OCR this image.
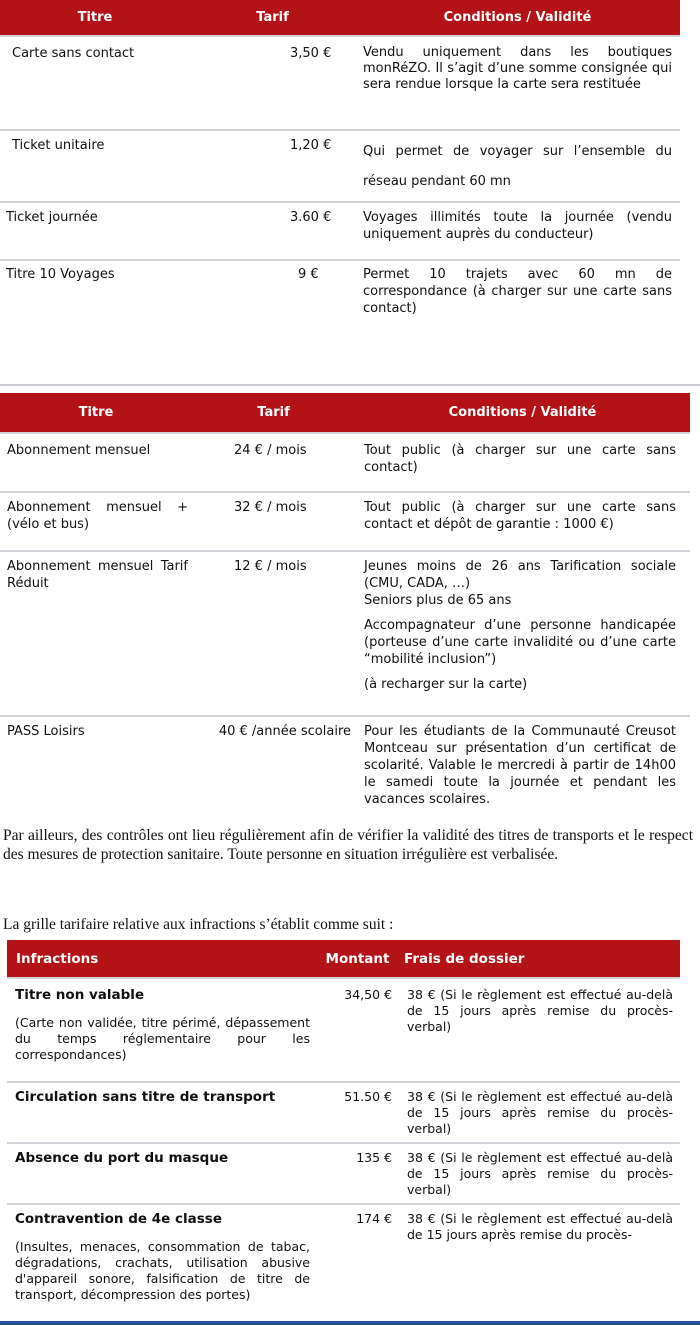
Titre	Tarif	Conditions / Validité
Carte sans contact	3,50 €	Vendu uniquement dans les boutiques monRéZO. Il s’agit d’une somme consignée qui sera rendue lorsque la carte sera restituée
Ticket unitaire	1,20 €	Qui permet de voyager sur l’ensemble du réseau pendant 60 mn
Ticket journée	3.60 €	Voyages illimités toute la journée (vendu uniquement auprès du conducteur)
Titre 10 Voyages	9 €	Permet 10 trajets avec 60 mn de correspondance (à charger sur une carte sans contact)
Titre	Tarif	Conditions / Validité
Abonnement mensuel	24 € / mois	Tout public (à charger sur une carte sans contact)
Abonnement mensuel + (vélo et bus)	32 € / mois	Tout public (à charger sur une carte sans contact et dépôt de garantie : 1000 €)
Abonnement mensuel Tarif Réduit	12 € / mois	Jeunes moins de 26 ans Tarification sociale (CMU, CADA, …)
Seniors plus de 65 ans
Accompagnateur d’une personne handicapée (porteuse d’une carte invalidité ou d’une carte “mobilité inclusion”)
(à recharger sur la carte)

PASS Loisirs	40 € /année scolaire	Pour les étudiants de la Communauté Creusot Montceau sur présentation d’un certificat de scolarité. Valable le mercredi à partir de 14h00 le samedi toute la journée et pendant les vacances scolaires.

Par ailleurs, des contrôles ont lieu régulièrement afin de vérifier la validité des titres de transports et le respect des mesures de protection sanitaire. Toute personne en situation irrégulière est verbalisée.

La grille tarifaire relative aux infractions s’établit comme suit :

Infractions	Montant	Frais de dossier

Titre non valable
(Carte non validée, titre périmé, dépassement du temps réglementaire pour les correspondances)	34,50 €	38 € (Si le règlement est effectué au-delà de 15 jours après remise du procès-verbal)

Circulation sans titre de transport	51.50 €	38 € (Si le règlement est effectué au-delà de 15 jours après remise du procès-verbal)

Absence du port du masque	135 €	38 € (Si le règlement est effectué au-delà de 15 jours après remise du procès-verbal)

Contravention de 4e classe
(Insultes, menaces, consommation de tabac, dégradations, crachats, utilisation abusive d'appareil sonore, falsification de titre de transport, décompression des portes)	174 €	38 € (Si le règlement est effectué au-delà de 15 jours après remise du procès-
